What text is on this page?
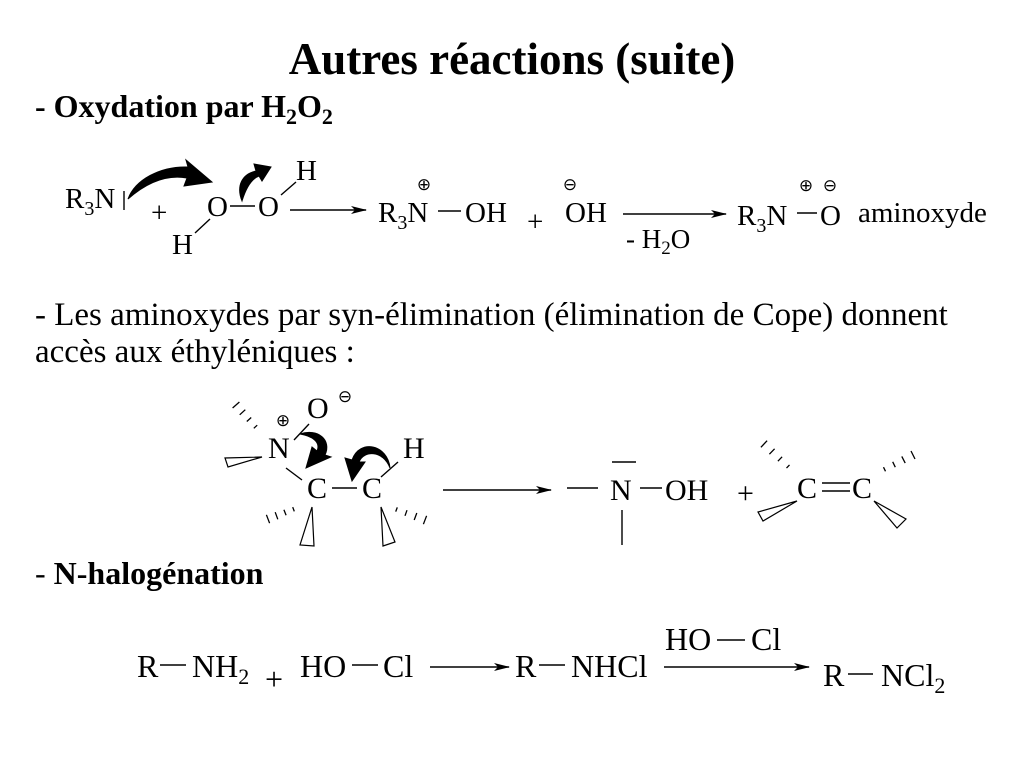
Autres réactions (suite)
- Oxydation par $H_2O_2$
$R_3N + O$ O
H
H
⊕
$R_3N$ OH +
⊖
OH
- $H_2O$
⊕ ⊖
$R_3N$ O aminoxyde
- Les aminoxydes par syn-élimination (élimination de Cope) donnent
accès aux éthyléniques :
O ⊖
⊕
N
C C
H
N OH + C C
- N-halogénation
R $NH_2$ + HO Cl	R NHCl
HO Cl
R NCl$_2$
